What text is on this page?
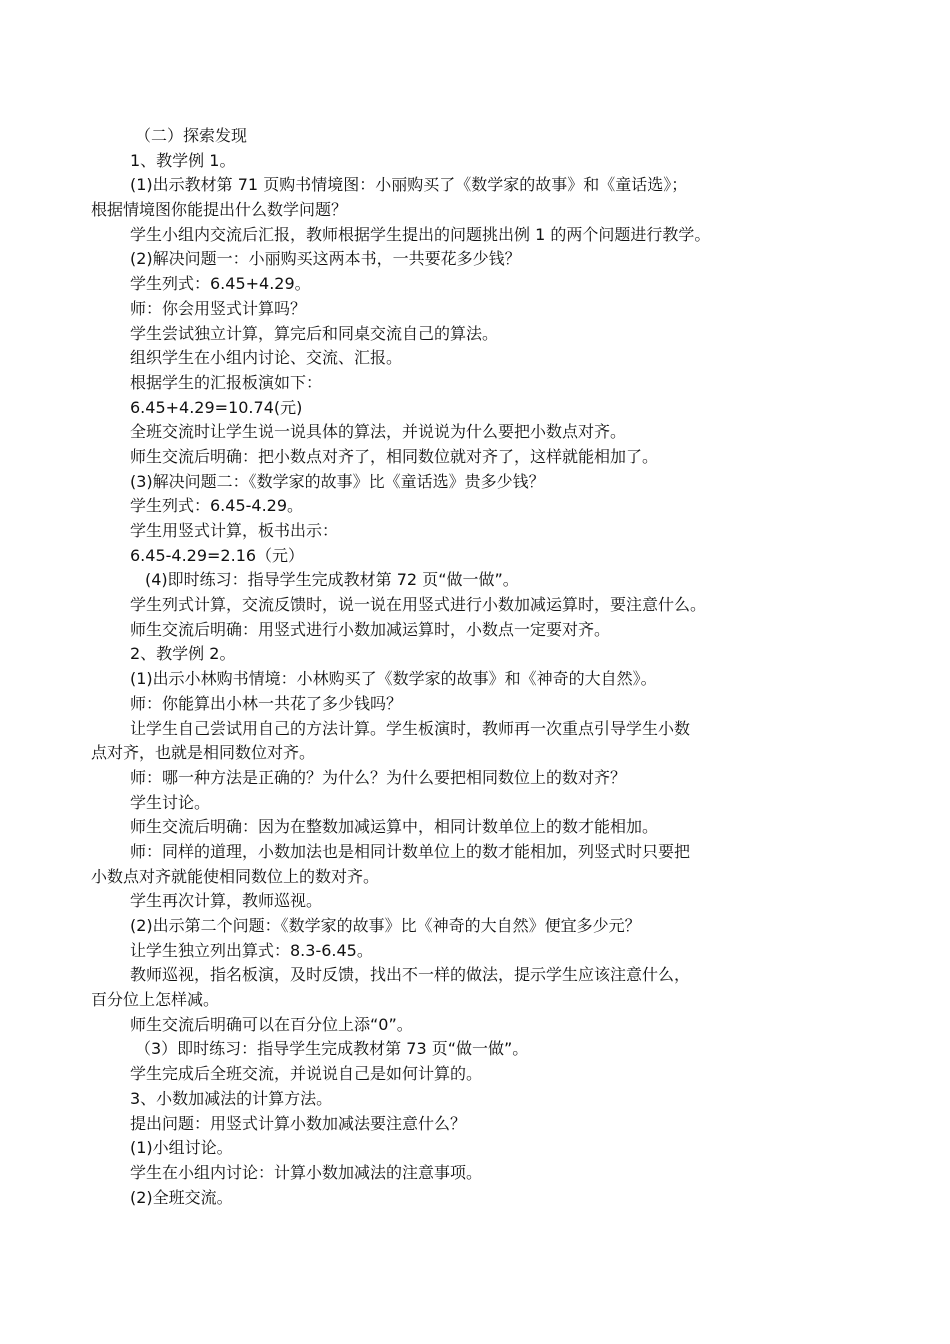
（二）探索发现
1、教学例 1。
(1)出示教材第 71 页购书情境图：小丽购买了《数学家的故事》和《童话选》；
根据情境图你能提出什么数学问题？
学生小组内交流后汇报，教师根据学生提出的问题挑出例 1 的两个问题进行教学。
(2)解决问题一：小丽购买这两本书，一共要花多少钱？
学生列式：6.45+4.29。
师：你会用竖式计算吗？
学生尝试独立计算，算完后和同桌交流自己的算法。
组织学生在小组内讨论、交流、汇报。
根据学生的汇报板演如下：
6.45+4.29=10.74(元)
全班交流时让学生说一说具体的算法，并说说为什么要把小数点对齐。
师生交流后明确：把小数点对齐了，相同数位就对齐了，这样就能相加了。
(3)解决问题二：《数学家的故事》比《童话选》贵多少钱？
学生列式：6.45-4.29。
学生用竖式计算，板书出示：
6.45-4.29=2.16（元）
(4)即时练习：指导学生完成教材第 72 页“做一做”。
学生列式计算，交流反馈时，说一说在用竖式进行小数加减运算时，要注意什么。
师生交流后明确：用竖式进行小数加减运算时，小数点一定要对齐。
2、教学例 2。
(1)出示小林购书情境：小林购买了《数学家的故事》和《神奇的大自然》。
师：你能算出小林一共花了多少钱吗？
让学生自己尝试用自己的方法计算。学生板演时，教师再一次重点引导学生小数
点对齐，也就是相同数位对齐。
师：哪一种方法是正确的？为什么？为什么要把相同数位上的数对齐？
学生讨论。
师生交流后明确：因为在整数加减运算中，相同计数单位上的数才能相加。
师：同样的道理，小数加法也是相同计数单位上的数才能相加，列竖式时只要把
小数点对齐就能使相同数位上的数对齐。
学生再次计算，教师巡视。
(2)出示第二个问题：《数学家的故事》比《神奇的大自然》便宜多少元？
让学生独立列出算式：8.3-6.45。
教师巡视，指名板演，及时反馈，找出不一样的做法，提示学生应该注意什么，
百分位上怎样减。
师生交流后明确可以在百分位上添“0”。
（3）即时练习：指导学生完成教材第 73 页“做一做”。
学生完成后全班交流，并说说自己是如何计算的。
3、小数加减法的计算方法。
提出问题：用竖式计算小数加减法要注意什么？
(1)小组讨论。
学生在小组内讨论：计算小数加减法的注意事项。
(2)全班交流。
